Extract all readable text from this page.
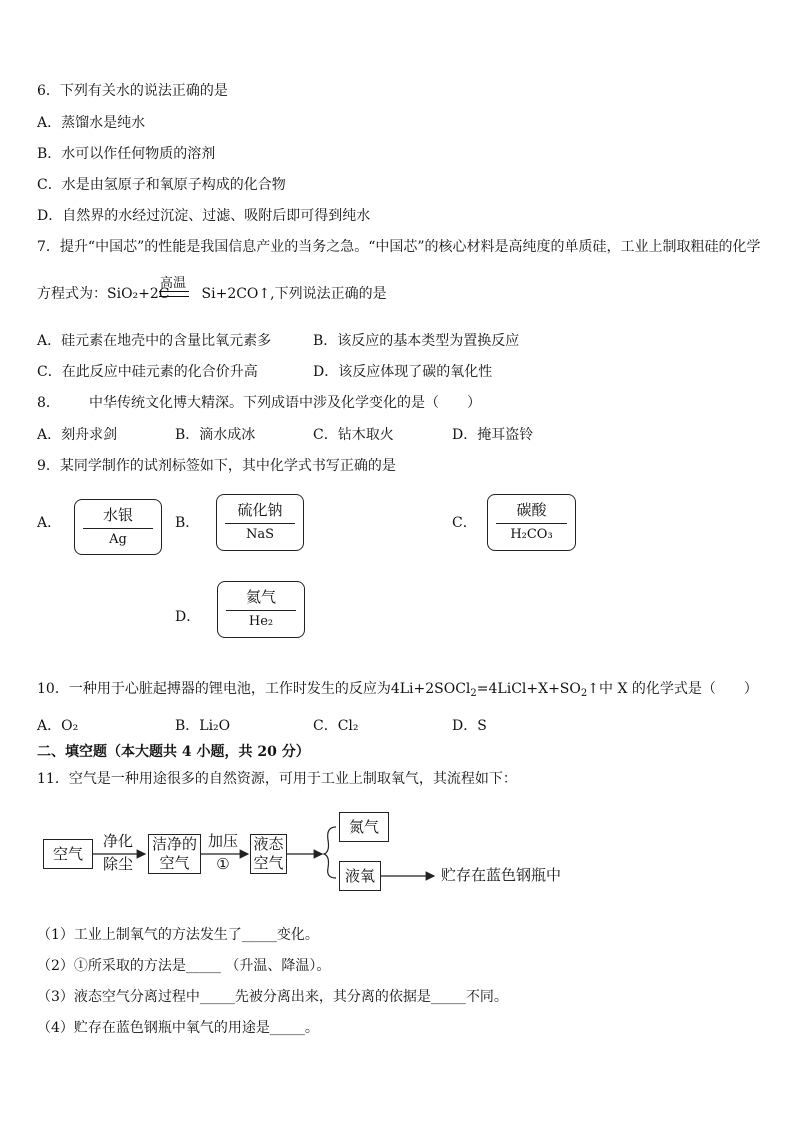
6．下列有关水的说法正确的是
A．蒸馏水是纯水
B．水可以作任何物质的溶剂
C．水是由氢原子和氧原子构成的化合物
D．自然界的水经过沉淀、过滤、吸附后即可得到纯水
7．提升“中国芯”的性能是我国信息产业的当务之急。“中国芯”的核心材料是高纯度的单质硅，工业上制取粗硅的化学
方程式为：SiO₂+2C Si+2CO↑,下列说法正确的是
高温
A．硅元素在地壳中的含量比氧元素多	B．该反应的基本类型为置换反应
C．在此反应中硅元素的化合价升高	D．该反应体现了碳的氧化性
8． 中华传统文化博大精深。下列成语中涉及化学变化的是（　　）
A．刻舟求剑	B．滴水成冰	C．钻木取火	D．掩耳盗铃
9．某同学制作的试剂标签如下，其中化学式书写正确的是
A．	水银
Ag
B．
硫化钠
NaS
C．
碳酸
H₂CO₃
D．
氦气
He₂
10．一种用于心脏起搏器的锂电池，工作时发生的反应为$4Li+2SOCl_2=4LiCl+X+SO_2↑$中 X 的化学式是（　　）
A．O₂	B．Li₂O	C．Cl₂	D．S
二、填空题（本大题共 4 小题，共 20 分）
11．空气是一种用途很多的自然资源，可用于工业上制取氧气，其流程如下：
空气
净化
除尘
洁净的
空气
加压
①
液态
空气
氮气
液氧	贮存在蓝色钢瓶中
（1）工业上制氧气的方法发生了_____变化。
（2）①所采取的方法是_____ （升温、降温）。
（3）液态空气分离过程中_____先被分离出来，其分离的依据是_____不同。
（4）贮存在蓝色钢瓶中氧气的用途是_____。
